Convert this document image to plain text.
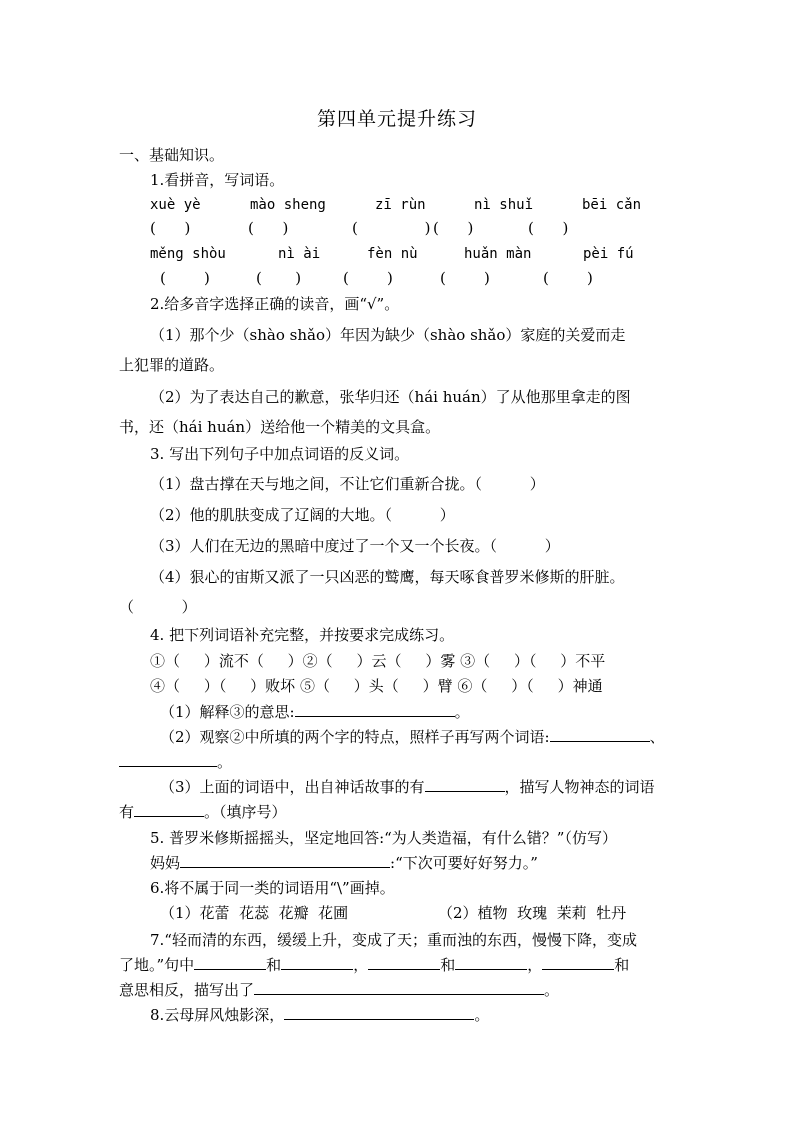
第四单元提升练习
一、基础知识。
1.看拼音，写词语。
xuè yè	mào sheng	zī rùn	nì shuǐ	bēi cǎn
(      )	(      )	(              ) (      )	(      )
měng shòu	nì ài	fèn nù	huǎn màn	pèi fú
(        )	(       )	(        )	(        )	(        )
2.给多音字选择正确的读音，画“√”。
（1）那个少（shào shǎo）年因为缺少（shào shǎo）家庭的关爱而走
上犯罪的道路。
（2）为了表达自己的歉意，张华归还（hái huán）了从他那里拿走的图
书，还（hái huán）送给他一个精美的文具盒。
3. 写出下列句子中加点词语的反义词。
（1）盘古撑在天与地之间，不让它们重新合拢。（          ）
（2）他的肌肤变成了辽阔的大地。（          ）
（3）人们在无边的黑暗中度过了一个又一个长夜。（          ）
（4）狠心的宙斯又派了一只凶恶的鹫鹰，每天啄食普罗米修斯的肝脏。
（          ）
4. 把下列词语补充完整，并按要求完成练习。
①（     ）流不（     ）②（     ）云（     ）雾 ③（     ）（     ）不平
④（     ）（     ）败坏 ⑤（     ）头（     ）臂 ⑥（     ）（     ）神通
（1）解释③的意思:	。
（2）观察②中所填的两个字的特点，照样子再写两个词语:	、
。
（3）上面的词语中，出自神话故事的有	，描写人物神态的词语
有	。（填序号）
5. 普罗米修斯摇摇头，坚定地回答:“为人类造福，有什么错？”（仿写）
妈妈	:“下次可要好好努力。”
6.将不属于同一类的词语用“\”画掉。
（1）花蕾  花蕊  花瓣  花圃	（2）植物  玫瑰  茉莉  牡丹
7.“轻而清的东西，缓缓上升，变成了天；重而浊的东西，慢慢下降，变成
了地。”句中	和	，	和	，	和
意思相反，描写出了	。
8.云母屏风烛影深，	。
